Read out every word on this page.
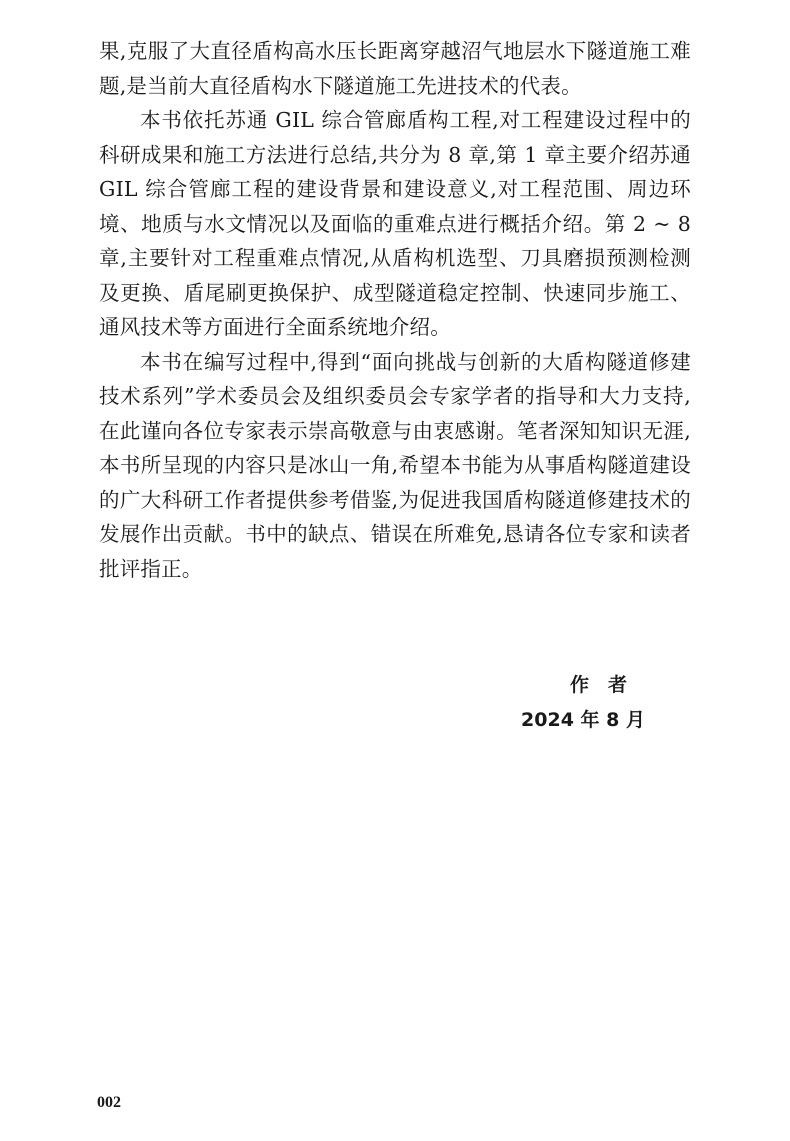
果,克服了大直径盾构高水压长距离穿越沼气地层水下隧道施工难题,是当前大直径盾构水下隧道施工先进技术的代表。

本书依托苏通 GIL 综合管廊盾构工程,对工程建设过程中的科研成果和施工方法进行总结,共分为 8 章,第 1 章主要介绍苏通 GIL 综合管廊工程的建设背景和建设意义,对工程范围、周边环境、地质与水文情况以及面临的重难点进行概括介绍。第 2 ~ 8 章,主要针对工程重难点情况,从盾构机选型、刀具磨损预测检测及更换、盾尾刷更换保护、成型隧道稳定控制、快速同步施工、通风技术等方面进行全面系统地介绍。

本书在编写过程中,得到“面向挑战与创新的大盾构隧道修建技术系列”学术委员会及组织委员会专家学者的指导和大力支持,在此谨向各位专家表示崇高敬意与由衷感谢。笔者深知知识无涯,本书所呈现的内容只是冰山一角,希望本书能为从事盾构隧道建设的广大科研工作者提供参考借鉴,为促进我国盾构隧道修建技术的发展作出贡献。书中的缺点、错误在所难免,恳请各位专家和读者批评指正。

作　者
2024 年 8 月
002
